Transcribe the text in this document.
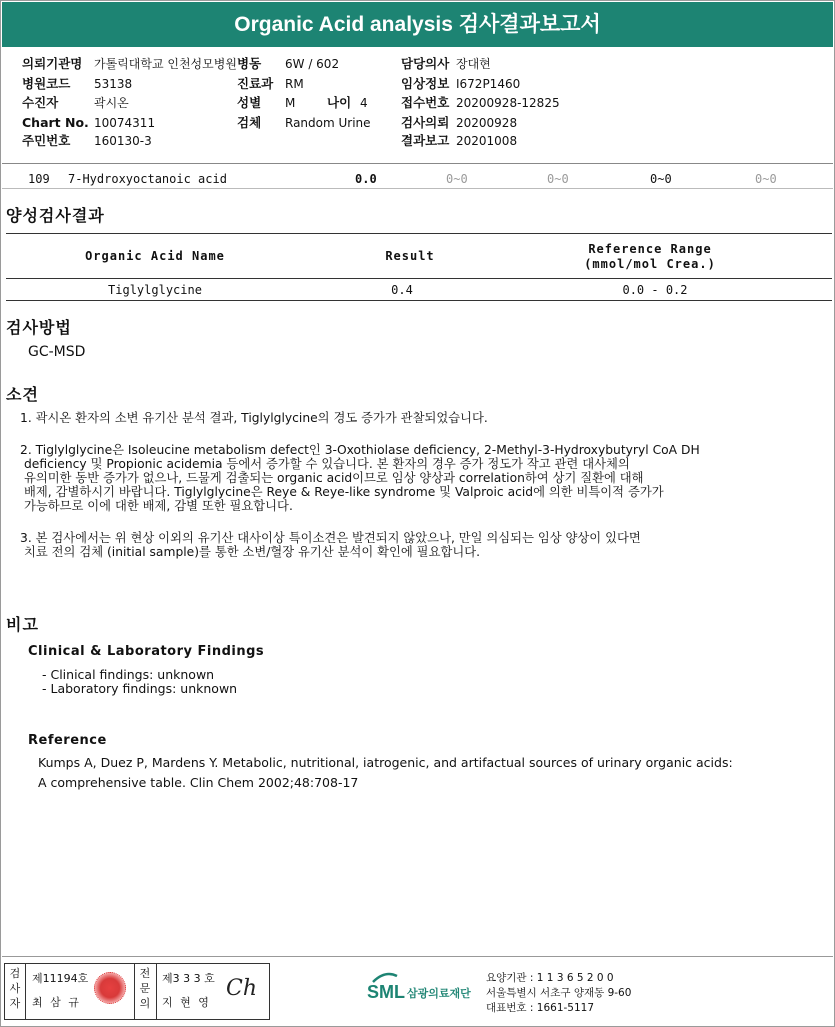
Organic Acid analysis 검사결과보고서
의뢰기관명 가톨릭대학교 인천성모병원 병동 6W / 602	담당의사 장대현
병원코드 53138	진료과 RM	임상정보 I672P1460
수진자	곽시온	성별 M	나이 4	접수번호 20200928-12825
Chart No. 10074311	검체 Random Urine 검사의뢰 20200928
주민번호 160130-3	결과보고 20201008
109 7-Hydroxyoctanoic acid	0.0	0~0	0~0	0~0	0~0
양성검사결과
Organic Acid Name	Result	Reference Range
(mmol/mol Crea.)
Tiglylglycine	0.4	0.0 - 0.2
검사방법
GC-MSD
소견
1. 곽시온 환자의 소변 유기산 분석 결과, Tiglylglycine의 경도 증가가 관찰되었습니다.
2. Tiglylglycine은 Isoleucine metabolism defect인 3-Oxothiolase deficiency, 2-Methyl-3-Hydroxybutyryl CoA DH
deficiency 및 Propionic acidemia 등에서 증가할 수 있습니다. 본 환자의 경우 증가 정도가 작고 관련 대사체의
유의미한 동반 증가가 없으나, 드물게 검출되는 organic acid이므로 임상 양상과 correlation하여 상기 질환에 대해
배제, 감별하시기 바랍니다. Tiglylglycine은 Reye & Reye-like syndrome 및 Valproic acid에 의한 비특이적 증가가
가능하므로 이에 대한 배제, 감별 또한 필요합니다.
3. 본 검사에서는 위 현상 이외의 유기산 대사이상 특이소견은 발견되지 않았으나, 만일 의심되는 임상 양상이 있다면
치료 전의 검체 (initial sample)를 통한 소변/혈장 유기산 분석이 확인에 필요합니다.
비고
Clinical & Laboratory Findings
- Clinical findings: unknown
- Laboratory findings: unknown
Reference
Kumps A, Duez P, Mardens Y. Metabolic, nutritional, iatrogenic, and artifactual sources of urinary organic acids:
A comprehensive table. Clin Chem 2002;48:708-17
검사자
제11194호
최 삼 규
전문의
제3 3 3 호
지 현 영
Ch	SML 삼광의료재단
요양기관 : 1 1 3 6 5 2 0 0
서울특별시 서초구 양재동 9-60
대표번호 : 1661-5117
